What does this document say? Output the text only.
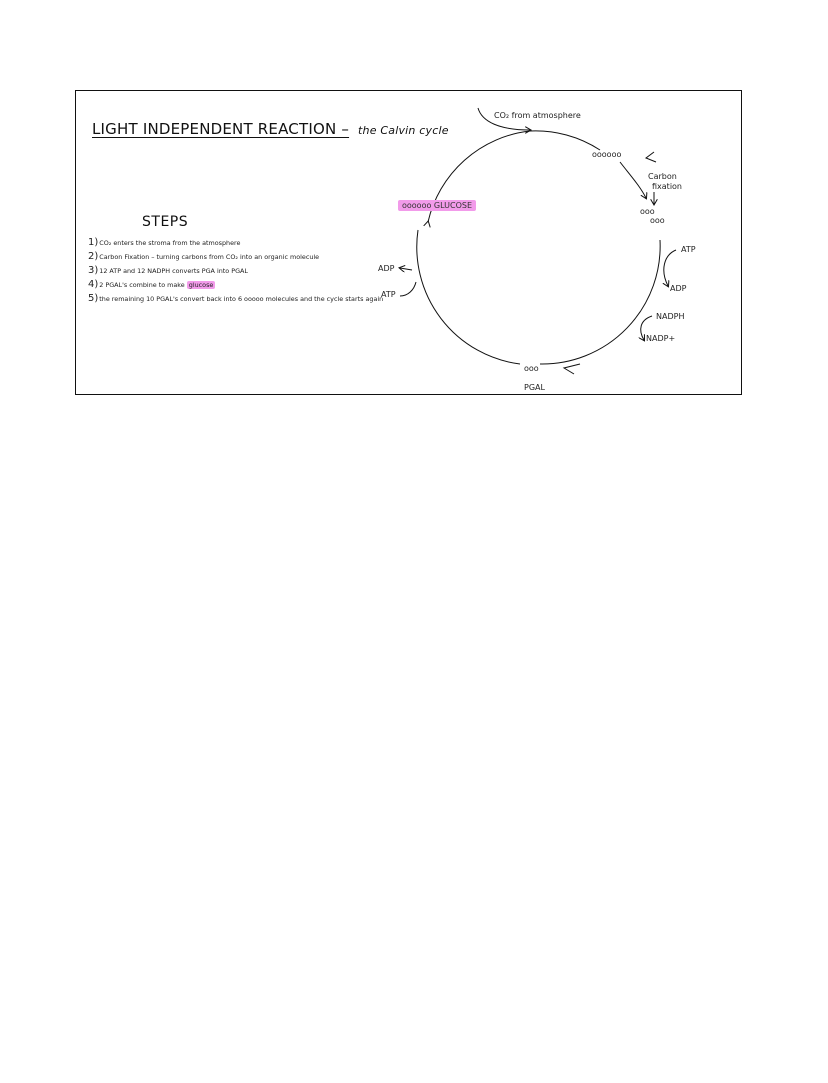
LIGHT INDEPENDENT REACTION – the Calvin cycle
STEPS
1)CO₂ enters the stroma from the atmosphere
2)Carbon Fixation – turning carbons from CO₂ into an organic molecule
3)12 ATP and 12 NADPH converts PGA into PGAL
4)2 PGAL's combine to make glucose
5)the remaining 10 PGAL's convert back into 6 ooooo molecules and the cycle starts again
CO₂ from atmosphere
oooooo
Carbon
fixation
ooo
ooo
ATP
ADP
NADPH
NADP+
ooo
PGAL
ADP
ATP
oooooo GLUCOSE
